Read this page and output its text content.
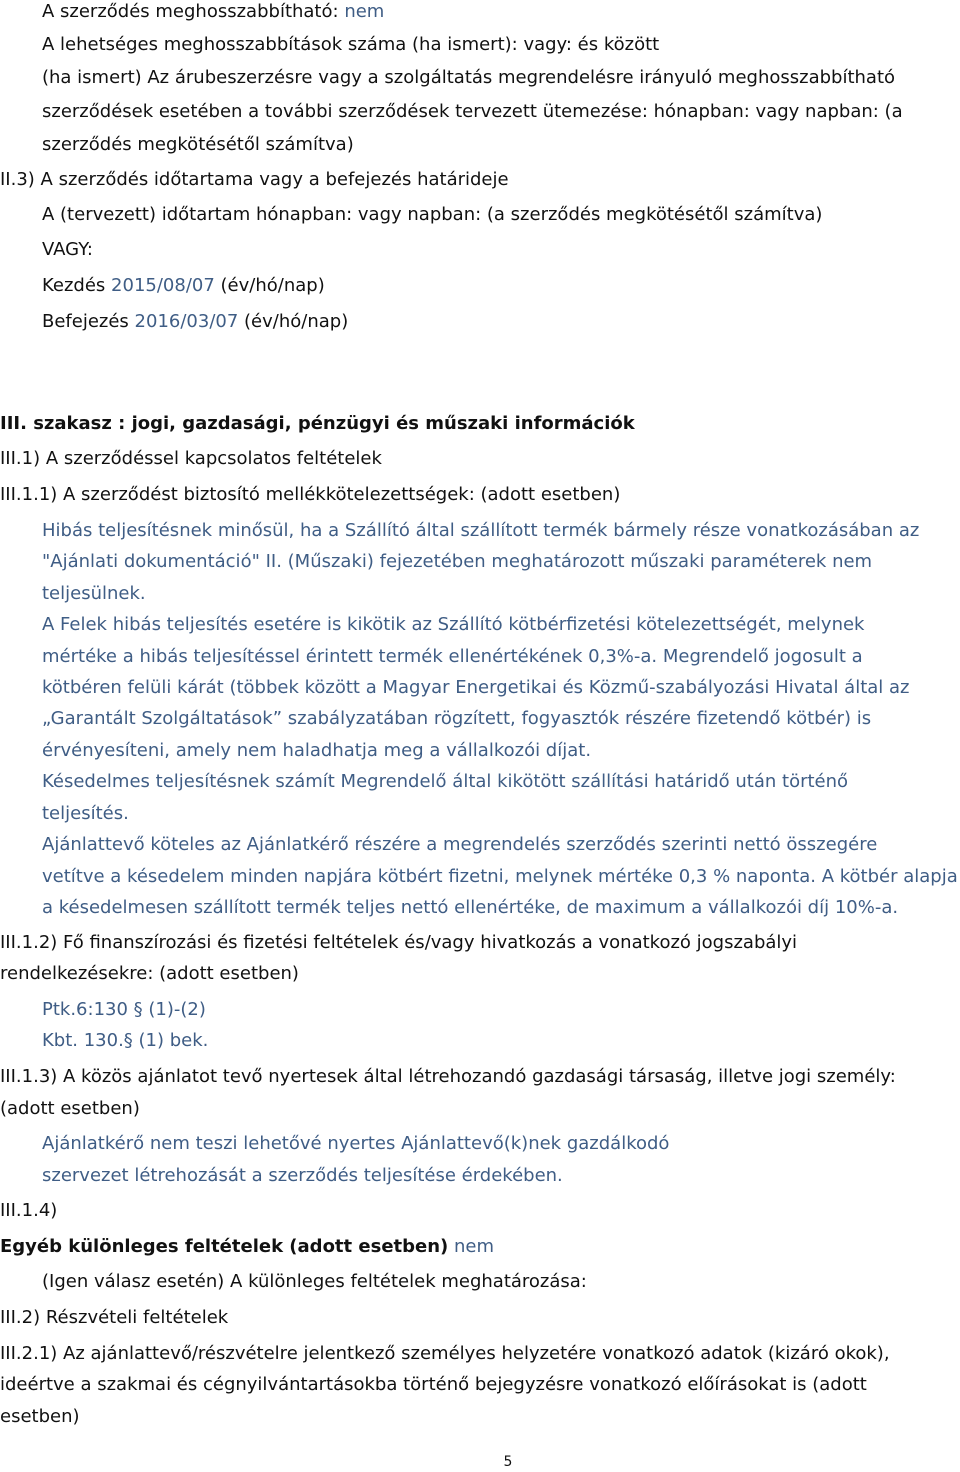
A szerződés meghosszabbítható: nem
A lehetséges meghosszabbítások száma (ha ismert): vagy: és között
(ha ismert) Az árubeszerzésre vagy a szolgáltatás megrendelésre irányuló meghosszabbítható
szerződések esetében a további szerződések tervezett ütemezése: hónapban: vagy napban: (a
szerződés megkötésétől számítva)
II.3) A szerződés időtartama vagy a befejezés határideje
A (tervezett) időtartam hónapban: vagy napban: (a szerződés megkötésétől számítva)
VAGY:
Kezdés 2015/08/07 (év/hó/nap)
Befejezés 2016/03/07 (év/hó/nap)
III. szakasz : jogi, gazdasági, pénzügyi és műszaki információk
III.1) A szerződéssel kapcsolatos feltételek
III.1.1) A szerződést biztosító mellékkötelezettségek: (adott esetben)
Hibás teljesítésnek minősül, ha a Szállító által szállított termék bármely része vonatkozásában az
"Ajánlati dokumentáció" II. (Műszaki) fejezetében meghatározott műszaki paraméterek nem
teljesülnek.
A Felek hibás teljesítés esetére is kikötik az Szállító kötbérfizetési kötelezettségét, melynek
mértéke a hibás teljesítéssel érintett termék ellenértékének 0,3%-a. Megrendelő jogosult a
kötbéren felüli kárát (többek között a Magyar Energetikai és Közmű-szabályozási Hivatal által az
„Garantált Szolgáltatások” szabályzatában rögzített, fogyasztók részére fizetendő kötbér) is
érvényesíteni, amely nem haladhatja meg a vállalkozói díjat.
Késedelmes teljesítésnek számít Megrendelő által kikötött szállítási határidő után történő
teljesítés.
Ajánlattevő köteles az Ajánlatkérő részére a megrendelés szerződés szerinti nettó összegére
vetítve a késedelem minden napjára kötbért fizetni, melynek mértéke 0,3 % naponta. A kötbér alapja
a késedelmesen szállított termék teljes nettó ellenértéke, de maximum a vállalkozói díj 10%-a.
III.1.2) Fő finanszírozási és fizetési feltételek és/vagy hivatkozás a vonatkozó jogszabályi
rendelkezésekre: (adott esetben)
Ptk.6:130 § (1)-(2)
Kbt. 130.§ (1) bek.
III.1.3) A közös ajánlatot tevő nyertesek által létrehozandó gazdasági társaság, illetve jogi személy:
(adott esetben)
Ajánlatkérő nem teszi lehetővé nyertes Ajánlattevő(k)nek gazdálkodó
szervezet létrehozását a szerződés teljesítése érdekében.
III.1.4)
Egyéb különleges feltételek (adott esetben) nem
(Igen válasz esetén) A különleges feltételek meghatározása:
III.2) Részvételi feltételek
III.2.1) Az ajánlattevő/részvételre jelentkező személyes helyzetére vonatkozó adatok (kizáró okok),
ideértve a szakmai és cégnyilvántartásokba történő bejegyzésre vonatkozó előírásokat is (adott
esetben)
5
